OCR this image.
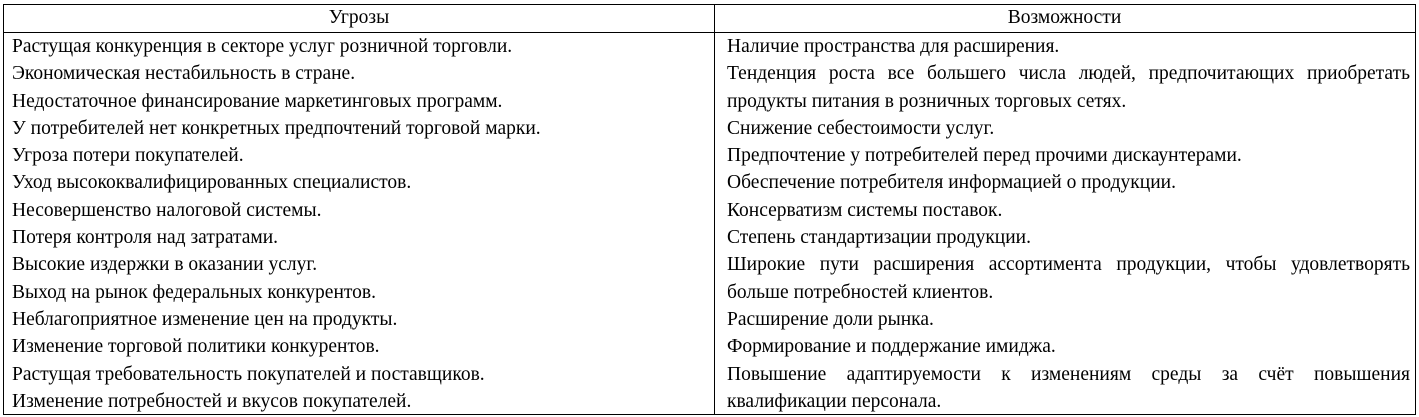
Угрозы	Возможности
Растущая конкуренция в секторе услуг розничной торговли.
Экономическая нестабильность в стране.
Недостаточное финансирование маркетинговых программ.
У потребителей нет конкретных предпочтений торговой марки.
Угроза потери покупателей.
Уход высококвалифицированных специалистов.
Несовершенство налоговой системы.
Потеря контроля над затратами.
Высокие издержки в оказании услуг.
Выход на рынок федеральных конкурентов.
Неблагоприятное изменение цен на продукты.
Изменение торговой политики конкурентов.
Растущая требовательность покупателей и поставщиков.
Изменение потребностей и вкусов покупателей.
Наличие пространства для расширения.
Тенденция роста все большего числа людей, предпочитающих приобретать продукты питания в розничных торговых сетях.
Снижение себестоимости услуг.
Предпочтение у потребителей перед прочими дискаунтерами.
Обеспечение потребителя информацией о продукции.
Консерватизм системы поставок.
Степень стандартизации продукции.
Широкие пути расширения ассортимента продукции, чтобы удовлетворять больше потребностей клиентов.
Расширение доли рынка.
Формирование и поддержание имиджа.
Повышение адаптируемости к изменениям среды за счёт повышения квалификации персонала.
